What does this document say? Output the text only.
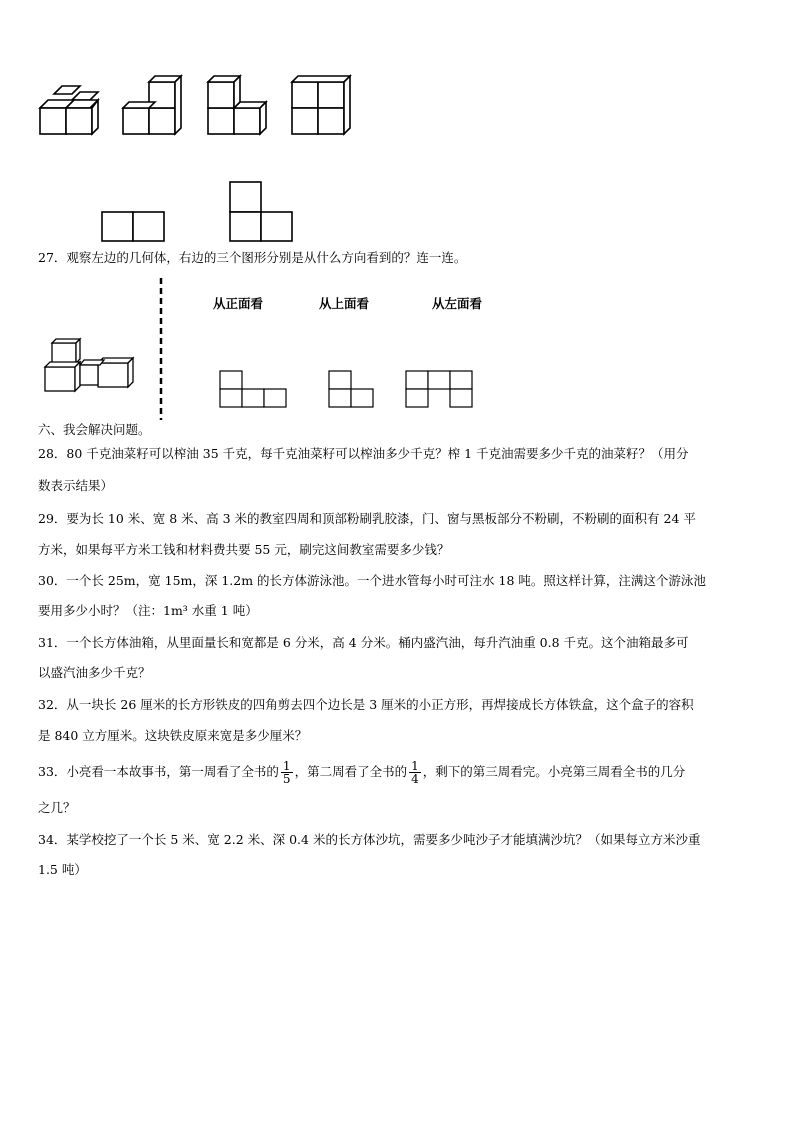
27．观察左边的几何体，右边的三个图形分别是从什么方向看到的？连一连。
从正面看	从上面看	从左面看
六、我会解决问题。
28．80 千克油菜籽可以榨油 35 千克，每千克油菜籽可以榨油多少千克？榨 1 千克油需要多少千克的油菜籽？（用分
数表示结果）
29．要为长 10 米、宽 8 米、高 3 米的教室四周和顶部粉刷乳胶漆，门、窗与黑板部分不粉刷，不粉刷的面积有 24 平
方米，如果每平方米工钱和材料费共要 55 元，刷完这间教室需要多少钱？
30．一个长 25m，宽 15m，深 1.2m 的长方体游泳池。一个进水管每小时可注水 18 吨。照这样计算，注满这个游泳池
要用多少小时？（注：1m³ 水重 1 吨）
31．一个长方体油箱，从里面量长和宽都是 6 分米，高 4 分米。桶内盛汽油，每升汽油重 0.8 千克。这个油箱最多可
以盛汽油多少千克？
32．从一块长 26 厘米的长方形铁皮的四角剪去四个边长是 3 厘米的小正方形，再焊接成长方体铁盒，这个盒子的容积
是 840 立方厘米。这块铁皮原来宽是多少厘米？
33．小亮看一本故事书，第一周看了全书的 $\frac{1}{5}$ ，第二周看了全书的 $\frac{1}{4}$ ，剩下的第三周看完。小亮第三周看全书的几分
之几？
34．某学校挖了一个长 5 米、宽 2.2 米、深 0.4 米的长方体沙坑，需要多少吨沙子才能填满沙坑？（如果每立方米沙重
1.5 吨）
